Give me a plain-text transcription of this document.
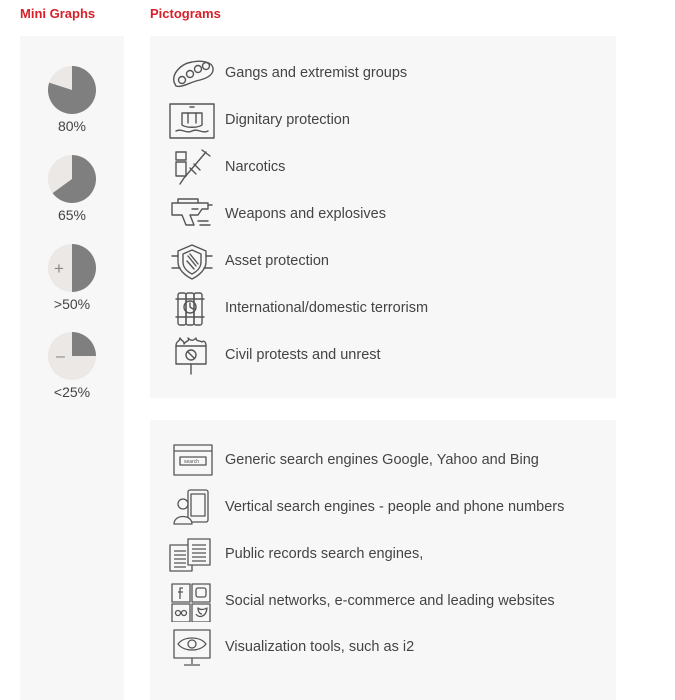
Mini Graphs	Pictograms
80%
65%
+
>50%
–
<25%
Gangs and extremist groups
Dignitary protection
Narcotics
Weapons and explosives
Asset protection
International/domestic terrorism
Civil protests and unrest
search Generic search engines Google, Yahoo and Bing
Vertical search engines - people and phone numbers
Public records search engines,
Social networks, e-commerce and leading websites
Visualization tools, such as i2
